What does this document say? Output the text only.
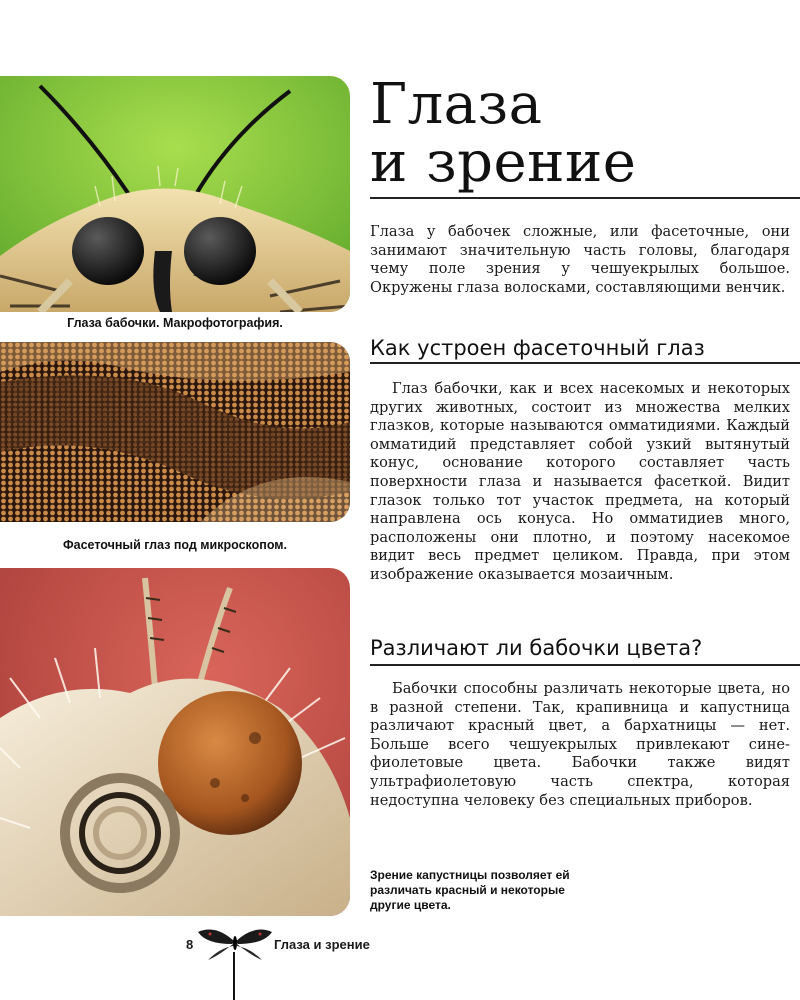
Глаза бабочки. Макрофотография.
Фасеточный глаз под микроскопом.
Зрение капустницы позволяет ей различать красный и некоторые другие цвета.
Глаза
и зрение

Глаза у бабочек сложные, или фасеточные, они занимают значительную часть головы, благодаря чему поле зрения у чешуекрылых большое. Окружены глаза волосками, составляющими венчик.

Как устроен фасеточный глаз

Глаз бабочки, как и всех насекомых и некоторых других животных, состоит из множества мелких глазков, которые называются омматидиями. Каждый омматидий представляет собой узкий вытянутый конус, основание которого составляет часть поверхности глаза и называется фасеткой. Видит глазок только тот участок предмета, на который направлена ось конуса. Но омматидиев много, расположены они плотно, и поэтому насекомое видит весь предмет целиком. Правда, при этом изображение оказывается мозаичным.

Различают ли бабочки цвета?

Бабочки способны различать некоторые цвета, но в разной степени. Так, крапивница и капустница различают красный цвет, а бархатницы — нет. Больше всего чешуекрылых привлекают сине-фиолетовые цвета. Бабочки также видят ультрафиолетовую часть спектра, которая недоступна человеку без специальных приборов.

8	Глаза и зрение
